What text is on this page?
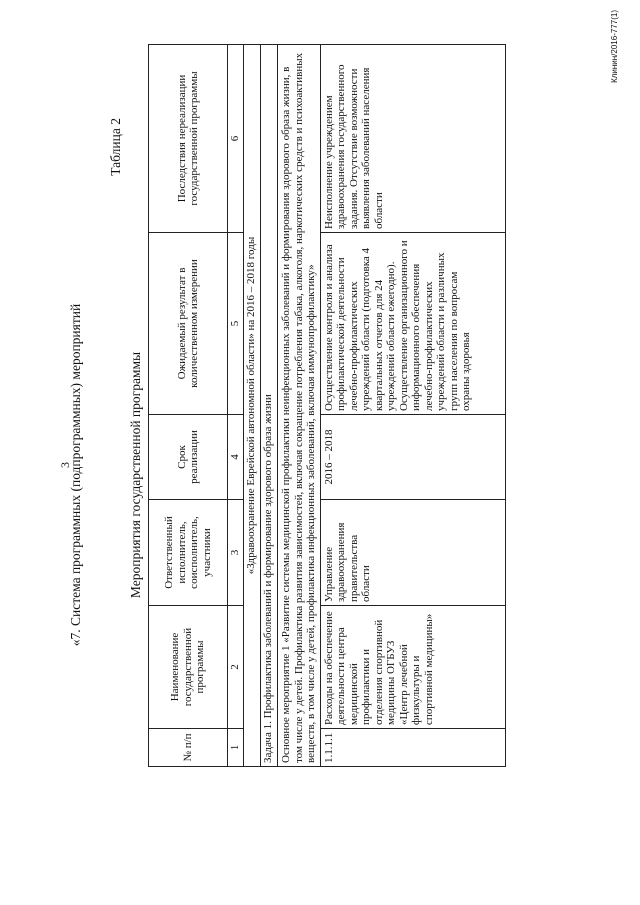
3
«7. Система программных (подпрограммных) мероприятий
Таблица 2
Мероприятия государственной программы
№ п/п	Наименование государственной программы	Ответственный исполнитель, соисполнитель, участники	Срок реализации	Ожидаемый результат в количественном измерении	Последствия нереализации государственной программы
1	2	3	4	5	6
«Здравоохранение Еврейской автономной области» на 2016 – 2018 годы					
Задача 1. Профилактика заболеваний и формирование здорового образа жизни					
Основное мероприятие 1 «Развитие системы медицинской профилактики неинфекционных заболеваний и формирования здорового образа жизни, в том числе у детей. Профилактика развития зависимостей, включая сокращение потребления табака, алкоголя, наркотических средств и психоактивных веществ, в том числе у детей, профилактика инфекционных заболеваний, включая иммунопрофилактику»					
1.1.1.1	Расходы на обеспечение деятельности центра медицинской профилактики и отделения спортивной медицины ОГБУЗ «Центр лечебной физкультуры и спортивной медицины»	Управление здравоохранения правительства области	2016 – 2018	Осуществление контроля и анализа профилактической деятельности лечебно-профилактических учреждений области (подготовка 4 квартальных отчетов для 24 учреждений области ежегодно). Осуществление организационного и информационного обеспечения лечебно-профилактических учреждений области и различных групп населения по вопросам охраны здоровья	Неисполнение учреждением здравоохранения государственного задания. Отсутствие возможности выявления заболеваний населения области
Клинин/2016-777(1)
